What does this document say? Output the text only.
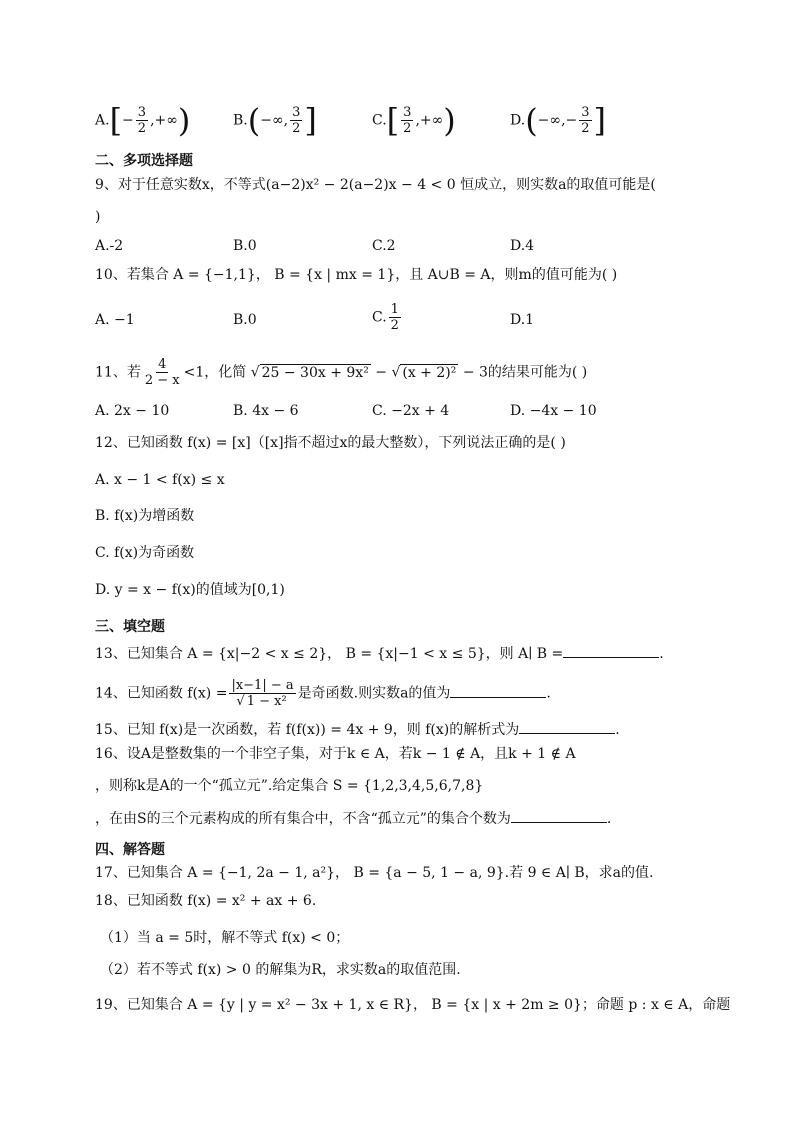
$A.[- \frac{3}{2}$ ,+∞)	B.(−∞, $\frac{3}{2}$ ]	$C.[ \frac{3}{2}$ ,+∞)	$D.(-\infty,- \frac{3}{2}$ ]
二、多项选择题
9、对于任意实数x，不等式(a−2)x² − 2(a−2)x − 4 < 0 恒成立，则实数a的取值可能是(
)
A.-2	B.0	C.2	D.4
10、若集合 A = {−1,1}， B = {x | mx = 1}，且 A∪B = A，则m的值可能为( )
A. −1	B.0	C. $\frac{1}{2}$	D.1
11、若 $\frac{4}{2 - x} <1$，化简 √ 25 − 30x + 9x² − √ (x + 2)² − 3的结果可能为( )
A. 2x − 10	B. 4x − 6	C. −2x + 4	D. −4x − 10
12、已知函数 f(x) = [x]（[x]指不超过x的最大整数），下列说法正确的是( )
A. x − 1 < f(x) ≤ x
B. f(x)为增函数
C. f(x)为奇函数
D. y = x − f(x)的值域为[0,1)
三、填空题
13、已知集合 A = {x|−2 < x ≤ 2}， B = {x|−1 < x ≤ 5}，则 A∣ B =	.
14、已知函数 $f(x) = \frac{|x-1| - a}{\text{√ 1 − x²}}$ 是奇函数.则实数a的值为	.
15、已知 f(x)是一次函数，若 f(f(x)) = 4x + 9，则 f(x)的解析式为	.
16、设A是整数集的一个非空子集，对于k ∈ A，若k − 1 ∉ A，且k + 1 ∉ A
，则称k是A的一个“孤立元”.给定集合 S = {1,2,3,4,5,6,7,8}
，在由S的三个元素构成的所有集合中，不含“孤立元”的集合个数为	.
四、解答题
17、已知集合 A = {−1, 2a − 1, a²}， B = {a − 5, 1 − a, 9}.若 9 ∈ A∣ B，求a的值.
18、已知函数 f(x) = x² + ax + 6.
（1）当 a = 5时，解不等式 f(x) < 0；
（2）若不等式 f(x) > 0 的解集为R，求实数a的取值范围.
19、已知集合 A = {y | y = x² − 3x + 1, x ∈ R}， B = {x | x + 2m ≥ 0}；命题 p : x ∈ A，命题
